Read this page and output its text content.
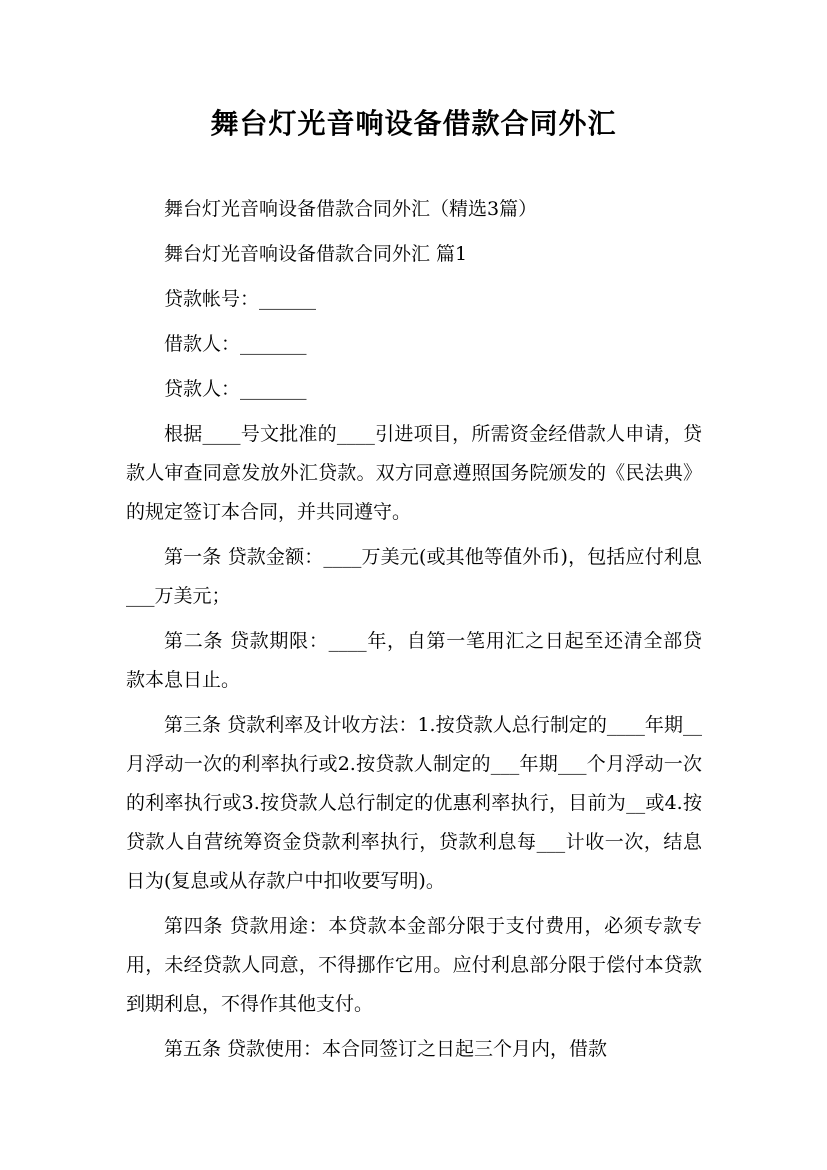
舞台灯光音响设备借款合同外汇

舞台灯光音响设备借款合同外汇（精选3篇）

舞台灯光音响设备借款合同外汇 篇1

贷款帐号：______

借款人：_______

贷款人：_______

根据____号文批准的____引进项目，所需资金经借款人申请，贷款人审查同意发放外汇贷款。双方同意遵照国务院颁发的《民法典》的规定签订本合同，并共同遵守。

第一条 贷款金额：____万美元(或其他等值外币)，包括应付利息___万美元；

第二条 贷款期限：____年，自第一笔用汇之日起至还清全部贷款本息日止。

第三条 贷款利率及计收方法：1.按贷款人总行制定的____年期__月浮动一次的利率执行或2.按贷款人制定的___年期___个月浮动一次的利率执行或3.按贷款人总行制定的优惠利率执行，目前为__或4.按贷款人自营统筹资金贷款利率执行，贷款利息每___计收一次，结息日为(复息或从存款户中扣收要写明)。

第四条 贷款用途：本贷款本金部分限于支付费用，必须专款专用，未经贷款人同意，不得挪作它用。应付利息部分限于偿付本贷款到期利息，不得作其他支付。

第五条 贷款使用：本合同签订之日起三个月内，借款
